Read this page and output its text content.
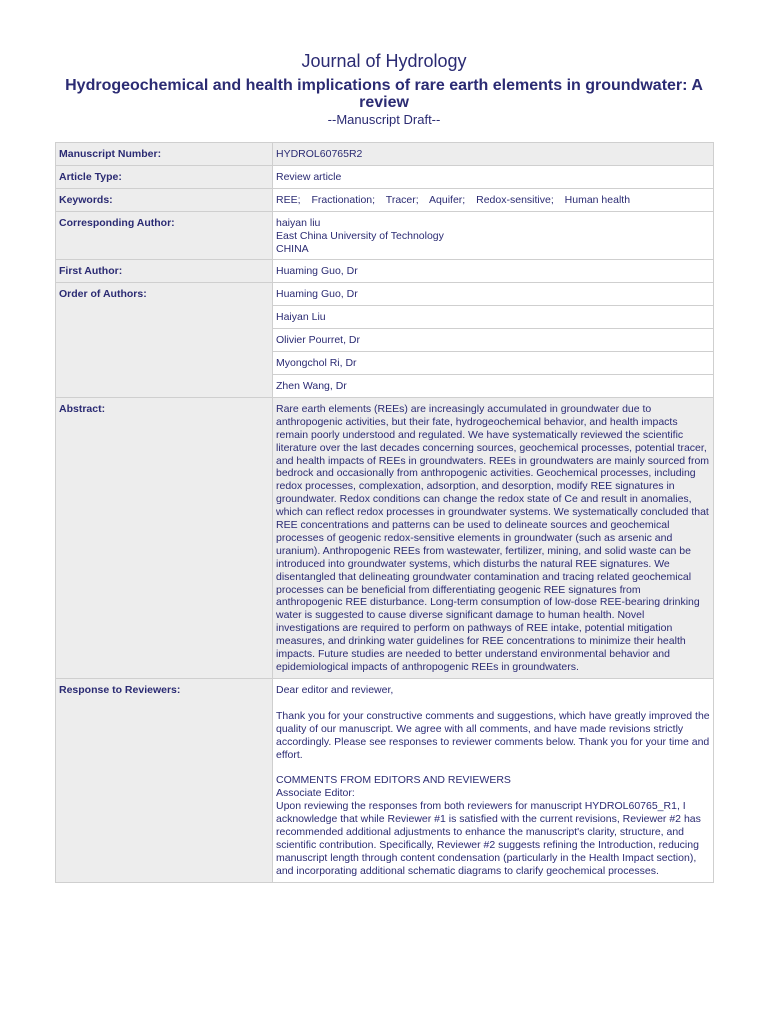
Journal of Hydrology
Hydrogeochemical and health implications of rare earth elements in groundwater: A review
--Manuscript Draft--
Manuscript Number:	HYDROL60765R2
Article Type:	Review article
Keywords:	REE; Fractionation; Tracer; Aquifer; Redox-sensitive; Human health
Corresponding Author:	haiyan liu
East China University of Technology
CHINA

First Author:	Huaming Guo, Dr
Order of Authors:	Huaming Guo, Dr
	Haiyan Liu
	Olivier Pourret, Dr
	Myongchol Ri, Dr
	Zhen Wang, Dr
Abstract:	Rare earth elements (REEs) are increasingly accumulated in groundwater due to anthropogenic activities, but their fate, hydrogeochemical behavior, and health impacts remain poorly understood and regulated. We have systematically reviewed the scientific literature over the last decades concerning sources, geochemical processes, potential tracer, and health impacts of REEs in groundwaters. REEs in groundwaters are mainly sourced from bedrock and occasionally from anthropogenic activities. Geochemical processes, including redox processes, complexation, adsorption, and desorption, modify REE signatures in groundwater. Redox conditions can change the redox state of Ce and result in anomalies, which can reflect redox processes in groundwater systems. We systematically concluded that REE concentrations and patterns can be used to delineate sources and geochemical processes of geogenic redox-sensitive elements in groundwater (such as arsenic and uranium). Anthropogenic REEs from wastewater, fertilizer, mining, and solid waste can be introduced into groundwater systems, which disturbs the natural REE signatures. We disentangled that delineating groundwater contamination and tracing related geochemical processes can be beneficial from differentiating geogenic REE signatures from anthropogenic REE disturbance. Long-term consumption of low-dose REE-bearing drinking water is suggested to cause diverse significant damage to human health. Novel investigations are required to perform on pathways of REE intake, potential mitigation measures, and drinking water guidelines for REE concentrations to minimize their health impacts. Future studies are needed to better understand environmental behavior and epidemiological impacts of anthropogenic REEs in groundwaters.
Response to Reviewers:	Dear editor and reviewer,
Thank you for your constructive comments and suggestions, which have greatly improved the quality of our manuscript. We agree with all comments, and have made revisions strictly accordingly. Please see responses to reviewer comments below. Thank you for your time and effort.
COMMENTS FROM EDITORS AND REVIEWERS
Associate Editor:
Upon reviewing the responses from both reviewers for manuscript HYDROL60765_R1, I acknowledge that while Reviewer #1 is satisfied with the current revisions, Reviewer #2 has recommended additional adjustments to enhance the manuscript's clarity, structure, and scientific contribution. Specifically, Reviewer #2 suggests refining the Introduction, reducing manuscript length through content condensation (particularly in the Health Impact section), and incorporating additional schematic diagrams to clarify geochemical processes.
